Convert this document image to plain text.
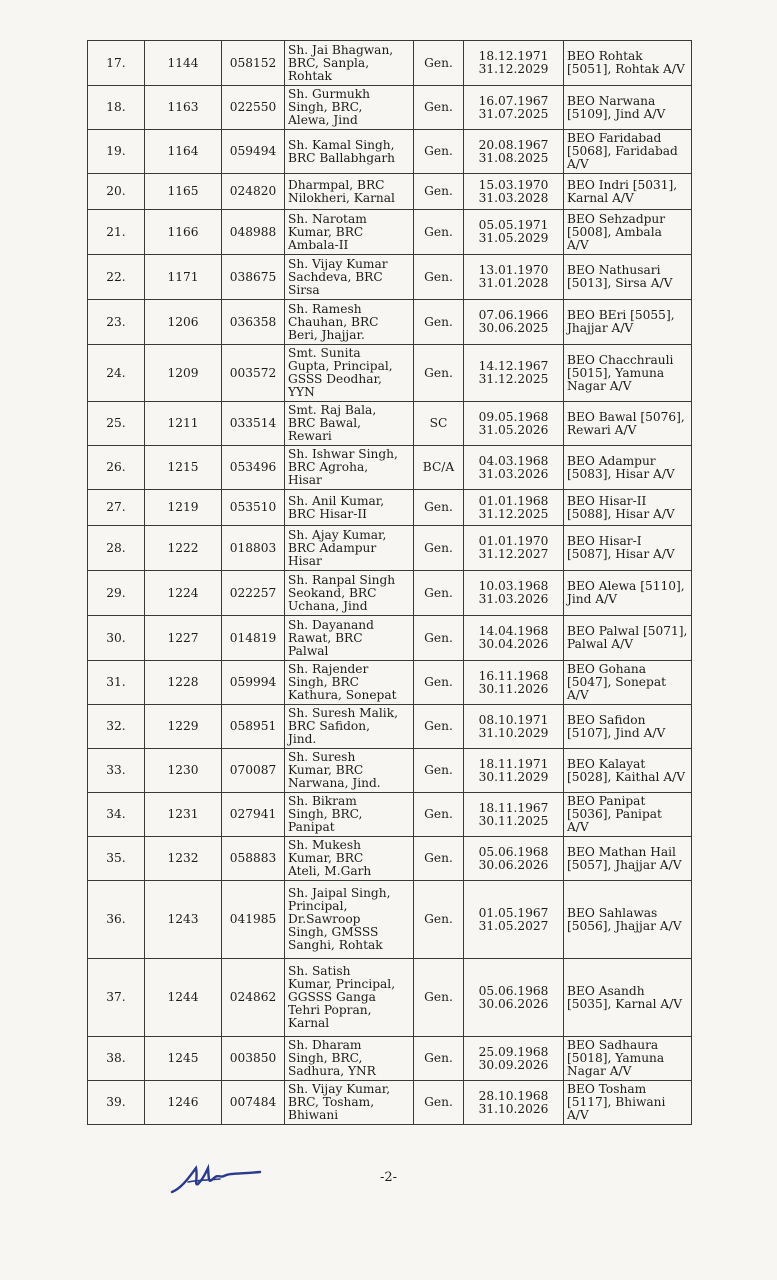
17.	1144	058152	Sh. Jai Bhagwan,
BRC, Sanpla,
Rohtak	Gen.	18.12.1971
31.12.2029	BEO Rohtak
[5051], Rohtak A/V

18.	1163	022550	Sh. Gurmukh
Singh, BRC,
Alewa, Jind	Gen.	16.07.1967
31.07.2025	BEO Narwana
[5109], Jind A/V

19.	1164	059494	Sh. Kamal Singh,
BRC Ballabhgarh	Gen.	20.08.1967
31.08.2025	BEO Faridabad
[5068], Faridabad
A/V

20.	1165	024820	Dharmpal, BRC
Nilokheri, Karnal	Gen.	15.03.1970
31.03.2028	BEO Indri [5031],
Karnal A/V

21.	1166	048988	Sh. Narotam
Kumar, BRC
Ambala-II	Gen.	05.05.1971
31.05.2029	BEO Sehzadpur
[5008], Ambala
A/V

22.	1171	038675	Sh. Vijay Kumar
Sachdeva, BRC
Sirsa	Gen.	13.01.1970
31.01.2028	BEO Nathusari
[5013], Sirsa A/V

23.	1206	036358	Sh. Ramesh
Chauhan, BRC
Beri, Jhajjar.	Gen.	07.06.1966
30.06.2025	BEO BEri [5055],
Jhajjar A/V

24.	1209	003572	Smt. Sunita
Gupta, Principal,
GSSS Deodhar,
YYN	Gen.	14.12.1967
31.12.2025	BEO Chacchrauli
[5015], Yamuna
Nagar A/V

25.	1211	033514	Smt. Raj Bala,
BRC Bawal,
Rewari	SC	09.05.1968
31.05.2026	BEO Bawal [5076],
Rewari A/V

26.	1215	053496	Sh. Ishwar Singh,
BRC Agroha,
Hisar	BC/A	04.03.1968
31.03.2026	BEO Adampur
[5083], Hisar A/V

27.	1219	053510	Sh. Anil Kumar,
BRC Hisar-II	Gen.	01.01.1968
31.12.2025	BEO Hisar-II
[5088], Hisar A/V

28.	1222	018803	Sh. Ajay Kumar,
BRC Adampur
Hisar	Gen.	01.01.1970
31.12.2027	BEO Hisar-I
[5087], Hisar A/V

29.	1224	022257	Sh. Ranpal Singh
Seokand, BRC
Uchana, Jind	Gen.	10.03.1968
31.03.2026	BEO Alewa [5110],
Jind A/V

30.	1227	014819	Sh. Dayanand
Rawat, BRC
Palwal	Gen.	14.04.1968
30.04.2026	BEO Palwal [5071],
Palwal A/V

31.	1228	059994	Sh. Rajender
Singh, BRC
Kathura, Sonepat	Gen.	16.11.1968
30.11.2026	BEO Gohana
[5047], Sonepat
A/V

32.	1229	058951	Sh. Suresh Malik,
BRC Safidon,
Jind.	Gen.	08.10.1971
31.10.2029	BEO Safidon
[5107], Jind A/V

33.	1230	070087	Sh. Suresh
Kumar, BRC
Narwana, Jind.	Gen.	18.11.1971
30.11.2029	BEO Kalayat
[5028], Kaithal A/V

34.	1231	027941	Sh. Bikram
Singh, BRC,
Panipat	Gen.	18.11.1967
30.11.2025	BEO Panipat
[5036], Panipat
A/V

35.	1232	058883	Sh. Mukesh
Kumar, BRC
Ateli, M.Garh	Gen.	05.06.1968
30.06.2026	BEO Mathan Hail
[5057], Jhajjar A/V

36.	1243	041985	Sh. Jaipal Singh,
Principal,
Dr.Sawroop
Singh, GMSSS
Sanghi, Rohtak	Gen.	01.05.1967
31.05.2027	BEO Sahlawas
[5056], Jhajjar A/V

37.	1244	024862	Sh. Satish
Kumar, Principal,
GGSSS Ganga
Tehri Popran,
Karnal	Gen.	05.06.1968
30.06.2026	BEO Asandh
[5035], Karnal A/V

38.	1245	003850	Sh. Dharam
Singh, BRC,
Sadhura, YNR	Gen.	25.09.1968
30.09.2026	BEO Sadhaura
[5018], Yamuna
Nagar A/V

39.	1246	007484	Sh. Vijay Kumar,
BRC, Tosham,
Bhiwani	Gen.	28.10.1968
31.10.2026	BEO Tosham
[5117], Bhiwani
A/V
-2-
